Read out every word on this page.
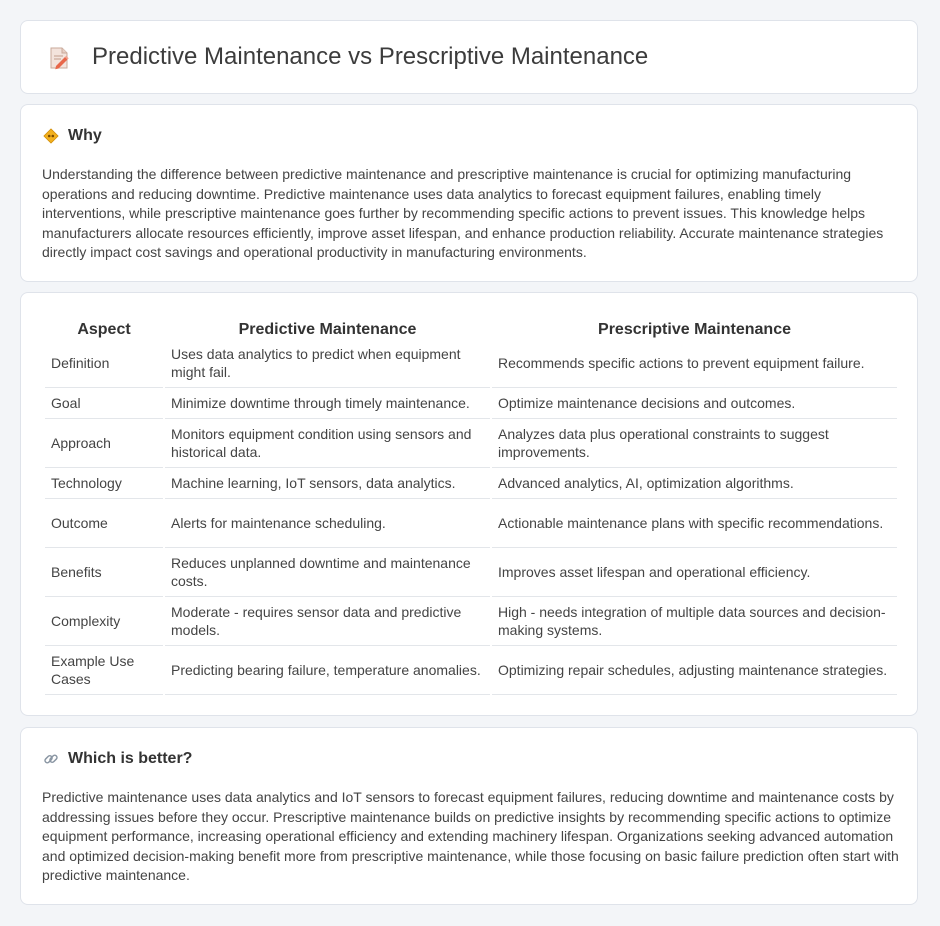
Predictive Maintenance vs Prescriptive Maintenance
Why

Understanding the difference between predictive maintenance and prescriptive maintenance is crucial for optimizing manufacturing operations and reducing downtime. Predictive maintenance uses data analytics to forecast equipment failures, enabling timely interventions, while prescriptive maintenance goes further by recommending specific actions to prevent issues. This knowledge helps manufacturers allocate resources efficiently, improve asset lifespan, and enhance production reliability. Accurate maintenance strategies directly impact cost savings and operational productivity in manufacturing environments.

Aspect	Predictive Maintenance	Prescriptive Maintenance
Definition	Uses data analytics to predict when equipment might fail.	Recommends specific actions to prevent equipment failure.
Goal	Minimize downtime through timely maintenance.	Optimize maintenance decisions and outcomes.
Approach	Monitors equipment condition using sensors and historical data.	Analyzes data plus operational constraints to suggest improvements.
Technology	Machine learning, IoT sensors, data analytics.	Advanced analytics, AI, optimization algorithms.
Outcome	Alerts for maintenance scheduling.	Actionable maintenance plans with specific recommendations.
Benefits	Reduces unplanned downtime and maintenance costs.	Improves asset lifespan and operational efficiency.
Complexity	Moderate - requires sensor data and predictive models.	High - needs integration of multiple data sources and decision-making systems.
Example Use Cases	Predicting bearing failure, temperature anomalies.	Optimizing repair schedules, adjusting maintenance strategies.
Which is better?

Predictive maintenance uses data analytics and IoT sensors to forecast equipment failures, reducing downtime and maintenance costs by addressing issues before they occur. Prescriptive maintenance builds on predictive insights by recommending specific actions to optimize equipment performance, increasing operational efficiency and extending machinery lifespan. Organizations seeking advanced automation and optimized decision-making benefit more from prescriptive maintenance, while those focusing on basic failure prediction often start with predictive maintenance.
